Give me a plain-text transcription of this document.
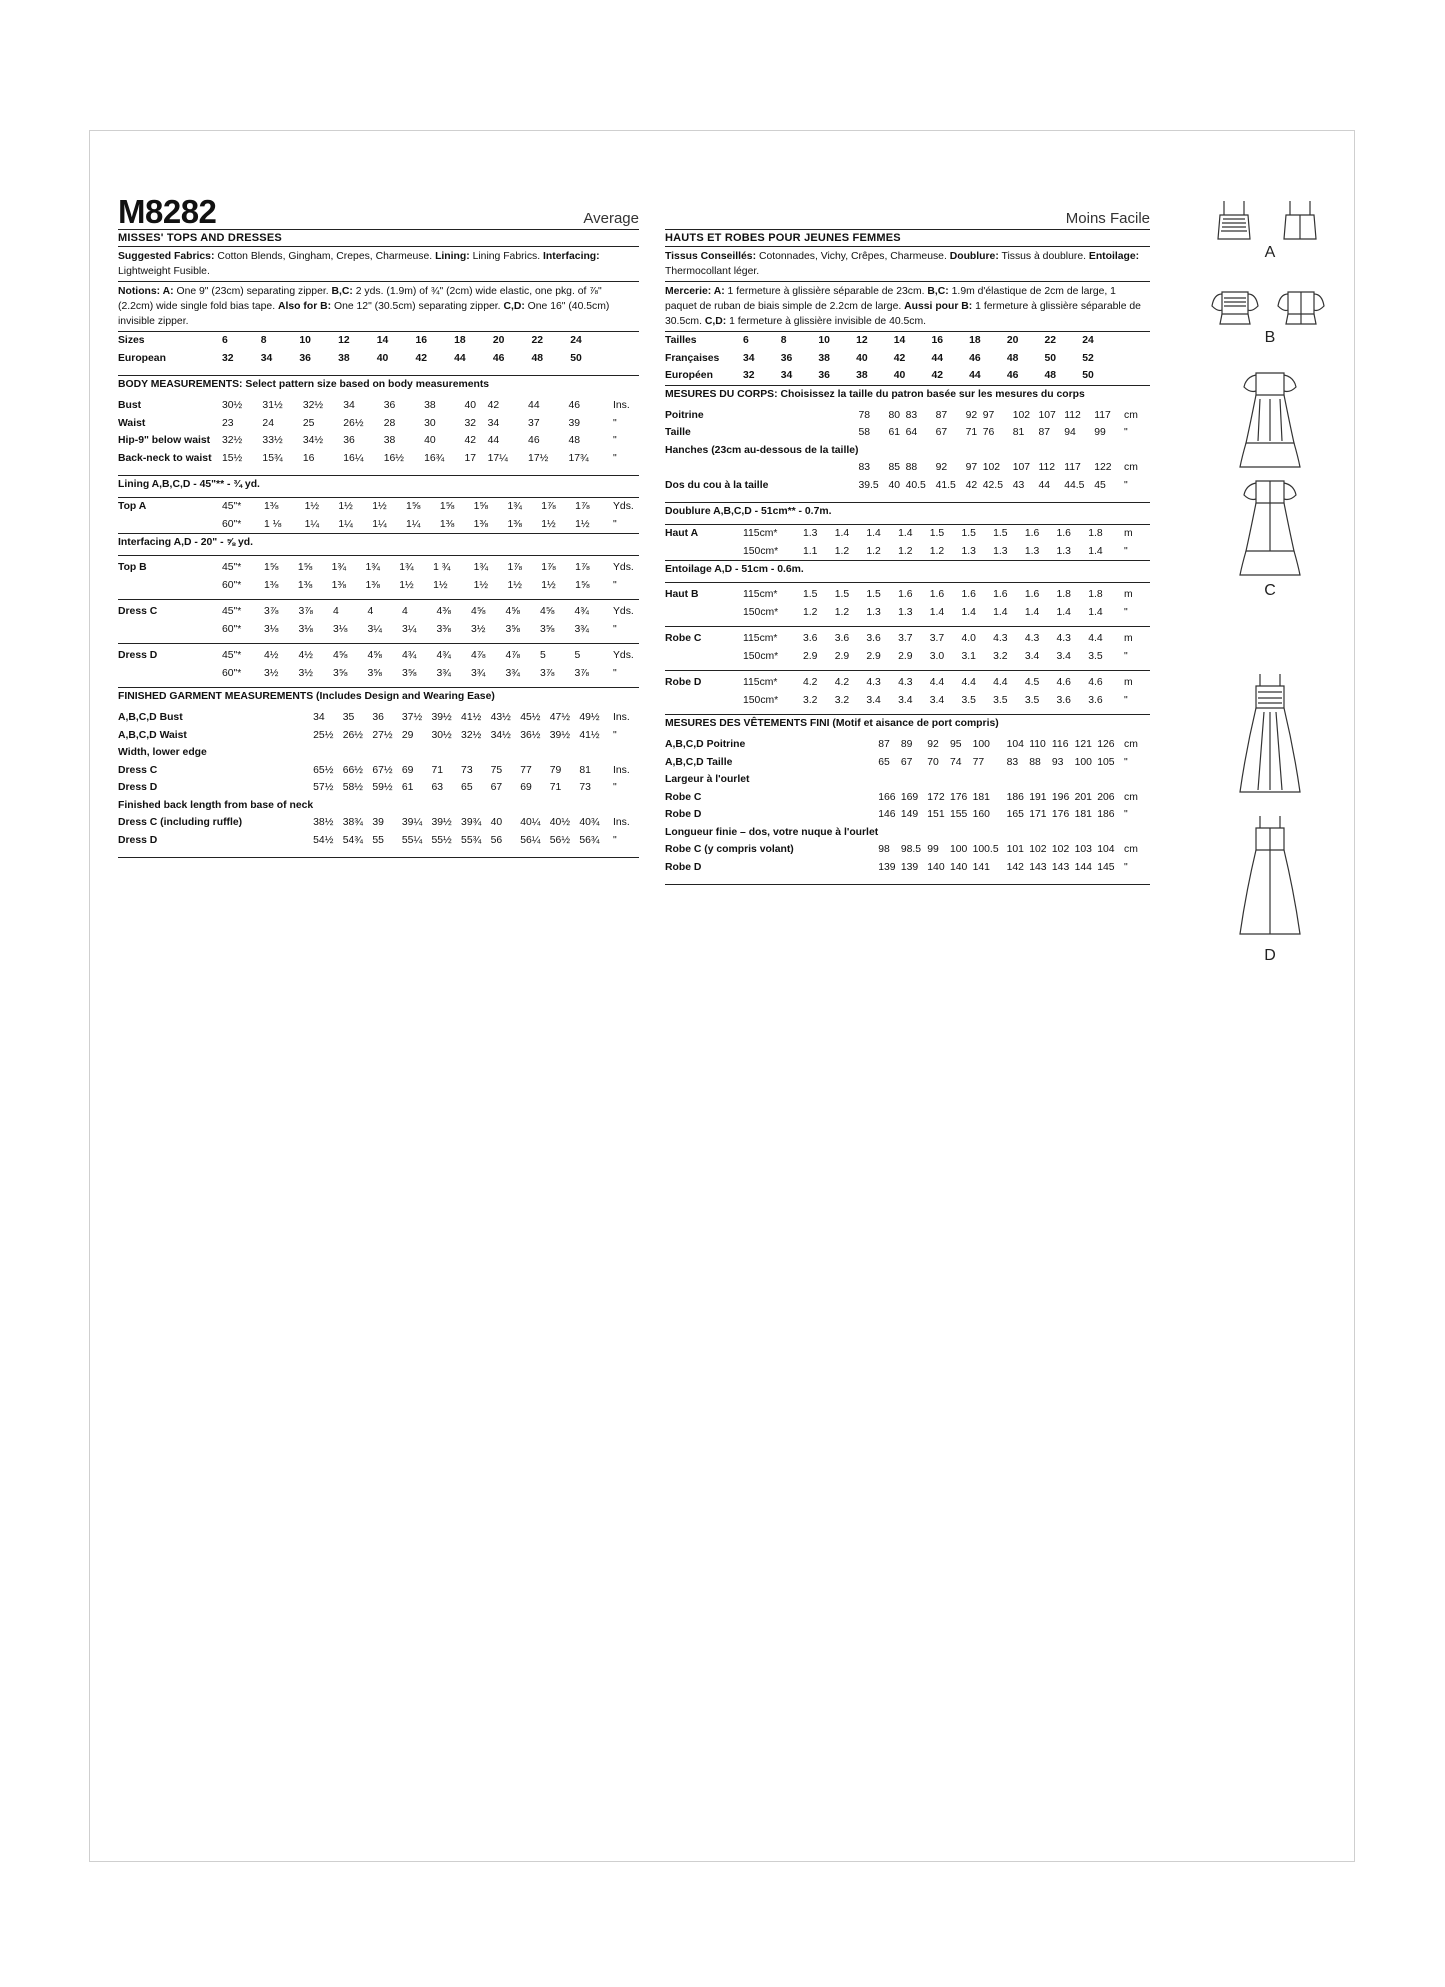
M8282	Average
MISSES' TOPS AND DRESSES
Suggested Fabrics: Cotton Blends, Gingham, Crepes, Charmeuse. Lining: Lining Fabrics. Interfacing: Lightweight Fusible.
Notions: A: One 9" (23cm) separating zipper. B,C: 2 yds. (1.9m) of ¾" (2cm) wide elastic, one pkg. of ⅞" (2.2cm) wide single fold bias tape. Also for B: One 12" (30.5cm) separating zipper. C,D: One 16" (40.5cm) invisible zipper.
Sizes		6	8	10	12	14	16	18	20	22	24	
European		32	34	36	38	40	42	44	46	48	50	

BODY MEASUREMENTS: Select pattern size based on body measurements
Bust		30½	31½	32½	34	36	38	40	42	44	46	Ins.
Waist		23	24	25	26½	28	30	32	34	37	39	"
Hip-9" below waist		32½	33½	34½	36	38	40	42	44	46	48	"
Back-neck to waist		15½	15¾	16	16¼	16½	16¾	17	17¼	17½	17¾	"

Lining A,B,C,D - 45"** - ¾ yd.
Top A	45"*	1⅜	1½	1½	1½	1⅝	1⅝	1⅝	1¾	1⅞	1⅞	Yds.
	60"*	1 ⅛	1¼	1¼	1¼	1¼	1⅜	1⅜	1⅜	1½	1½	"
Interfacing A,D - 20" - ⅝ yd.
Top B	45"*	1⅝	1⅝	1¾	1¾	1¾	1 ¾	1¾	1⅞	1⅞	1⅞	Yds.
	60"*	1⅜	1⅜	1⅜	1⅜	1½	1½	1½	1½	1½	1⅝	"
Dress C	45"*	3⅞	3⅞	4	4	4	4⅜	4⅝	4⅝	4⅝	4¾	Yds.
	60"*	3⅛	3⅛	3⅛	3¼	3¼	3⅜	3½	3⅝	3⅝	3¾	"
Dress D	45"*	4½	4½	4⅝	4⅝	4¾	4¾	4⅞	4⅞	5	5	Yds.
	60"*	3½	3½	3⅝	3⅝	3⅝	3¾	3¾	3¾	3⅞	3⅞	"
FINISHED GARMENT MEASUREMENTS (Includes Design and Wearing Ease)
A,B,C,D Bust		34	35	36	37½	39½	41½	43½	45½	47½	49½	Ins.
A,B,C,D Waist		25½	26½	27½	29	30½	32½	34½	36½	39½	41½	"
Width, lower edge												
Dress C		65½	66½	67½	69	71	73	75	77	79	81	Ins.
Dress D		57½	58½	59½	61	63	65	67	69	71	73	"
Finished back length from base of neck												
Dress C (including ruffle)		38½	38¾	39	39¼	39½	39¾	40	40¼	40½	40¾	Ins.
Dress D		54½	54¾	55	55¼	55½	55¾	56	56¼	56½	56¾	"

Moins Facile
HAUTS ET ROBES POUR JEUNES FEMMES
Tissus Conseillés: Cotonnades, Vichy, Crêpes, Charmeuse. Doublure: Tissus à doublure. Entoilage: Thermocollant léger.
Mercerie: A: 1 fermeture à glissière séparable de 23cm. B,C: 1.9m d'élastique de 2cm de large, 1 paquet de ruban de biais simple de 2.2cm de large. Aussi pour B: 1 fermeture à glissière séparable de 30.5cm. C,D: 1 fermeture à glissière invisible de 40.5cm.
Tailles		6	8	10	12	14	16	18	20	22	24	
Françaises		34	36	38	40	42	44	46	48	50	52	
Européen		32	34	36	38	40	42	44	46	48	50	
MESURES DU CORPS: Choisissez la taille du patron basée sur les mesures du corps
Poitrine		78	80	83	87	92	97	102	107	112	117	cm
Taille		58	61	64	67	71	76	81	87	94	99	"
Hanches (23cm au-dessous de la taille)												
		83	85	88	92	97	102	107	112	117	122	cm
Dos du cou à la taille		39.5	40	40.5	41.5	42	42.5	43	44	44.5	45	"

Doublure A,B,C,D - 51cm** - 0.7m.
Haut A	115cm*	1.3	1.4	1.4	1.4	1.5	1.5	1.5	1.6	1.6	1.8	m
	150cm*	1.1	1.2	1.2	1.2	1.2	1.3	1.3	1.3	1.3	1.4	"
Entoilage A,D - 51cm - 0.6m.
Haut B	115cm*	1.5	1.5	1.5	1.6	1.6	1.6	1.6	1.6	1.8	1.8	m
	150cm*	1.2	1.2	1.3	1.3	1.4	1.4	1.4	1.4	1.4	1.4	"
Robe C	115cm*	3.6	3.6	3.6	3.7	3.7	4.0	4.3	4.3	4.3	4.4	m
	150cm*	2.9	2.9	2.9	2.9	3.0	3.1	3.2	3.4	3.4	3.5	"
Robe D	115cm*	4.2	4.2	4.3	4.3	4.4	4.4	4.4	4.5	4.6	4.6	m
	150cm*	3.2	3.2	3.4	3.4	3.4	3.5	3.5	3.5	3.6	3.6	"
MESURES DES VÊTEMENTS FINI (Motif et aisance de port compris)
A,B,C,D Poitrine		87	89	92	95	100	104	110	116	121	126	cm
A,B,C,D Taille		65	67	70	74	77	83	88	93	100	105	"
Largeur à l'ourlet												
Robe C		166	169	172	176	181	186	191	196	201	206	cm
Robe D		146	149	151	155	160	165	171	176	181	186	"
Longueur finie – dos, votre nuque à l'ourlet												
Robe C (y compris volant)		98	98.5	99	100	100.5	101	102	102	103	104	cm
Robe D		139	139	140	140	141	142	143	143	144	145	"

A

B

C

D
